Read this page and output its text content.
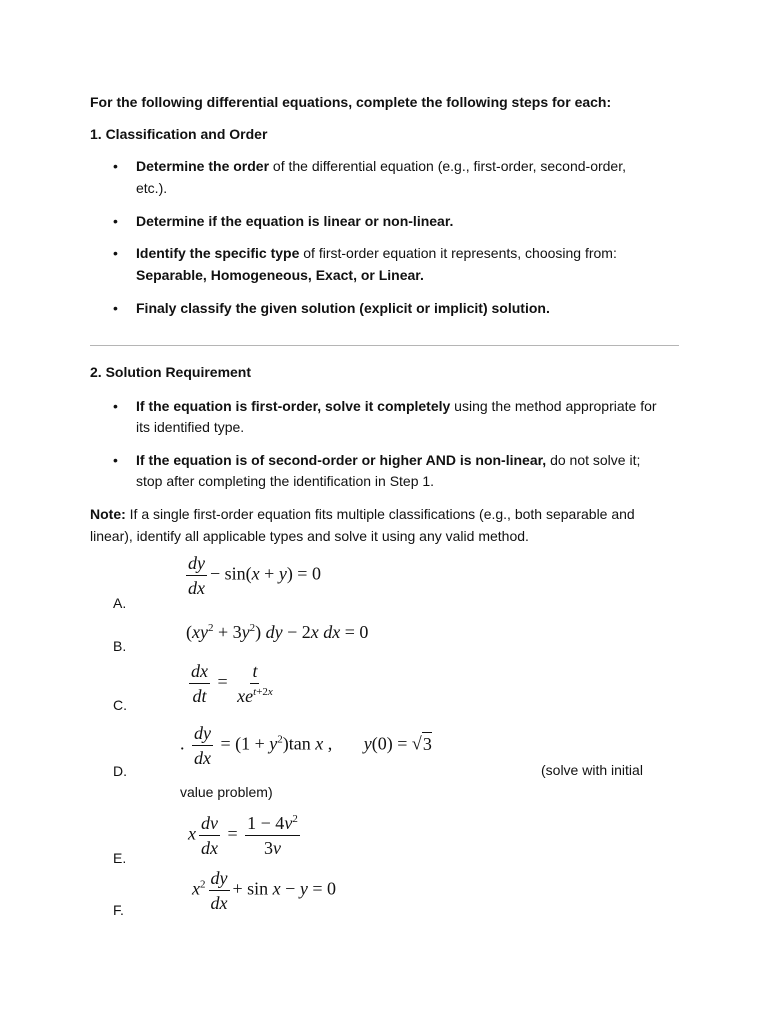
For the following differential equations, complete the following steps for each:
1. Classification and Order
• Determine the order of the differential equation (e.g., first-order, second-order,
etc.).
• Determine if the equation is linear or non-linear.
• Identify the specific type of first-order equation it represents, choosing from:
Separable, Homogeneous, Exact, or Linear.
• Finaly classify the given solution (explicit or implicit) solution.
2. Solution Requirement
• If the equation is first-order, solve it completely using the method appropriate for
its identified type.
• If the equation is of second-order or higher AND is non-linear, do not solve it;
stop after completing the identification in Step 1.
Note: If a single first-order equation fits multiple classifications (e.g., both separable and
linear), identify all applicable types and solve it using any valid method.
$\frac{dy}{dx} - \sin(x + y) = 0$
A.
$(xy^2 + 3y^2)$ dy − 2x dx = 0
B.
$\frac{dx}{dt} = \frac{t}{xe^{t+2x}}$
C.
. $\frac{dy}{dx} = (1 + y^2)\tan$ x ,       y(0) = √3
D.	(solve with initial
value problem)
x $\frac{dv}{dx} = \frac{1 - 4v^2}{3v}$
E.
$x^2 \frac{dy}{dx} + \sin x - y = 0$
F.
